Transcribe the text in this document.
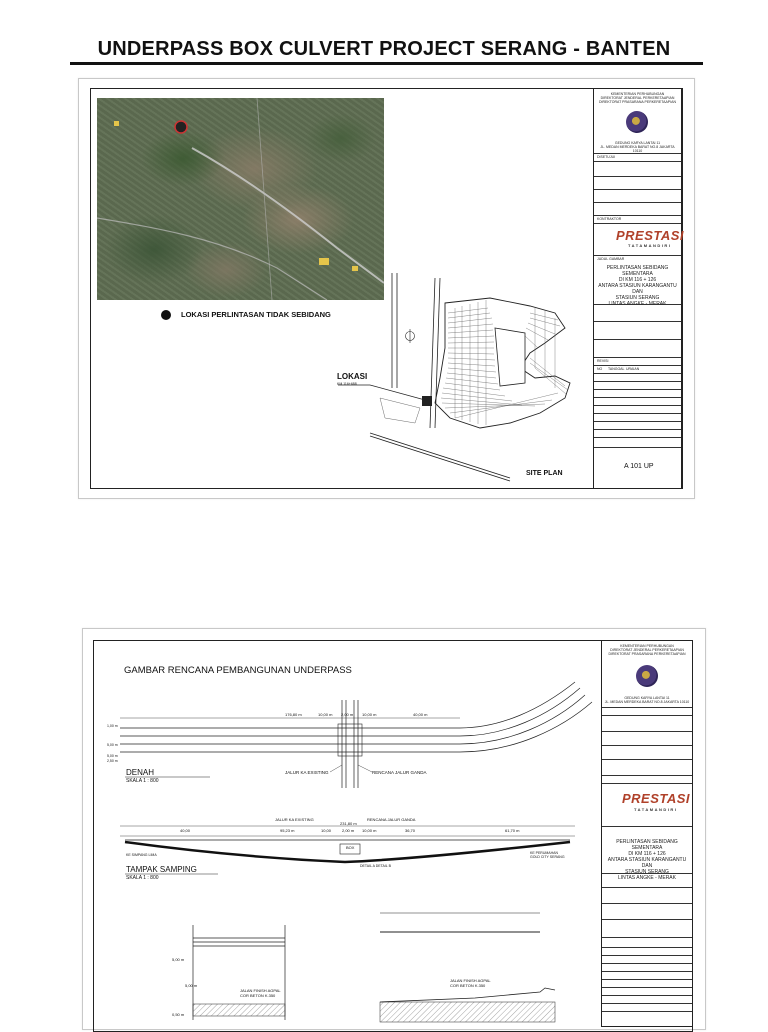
UNDERPASS BOX CULVERT PROJECT SERANG - BANTEN
LOKASI PERLINTASAN TIDAK SEBIDANG
LOKASI
KM 116+688
SITE PLAN
KEMENTERIAN PERHUBUNGAN
DIREKTORAT JENDERAL PERKERETAAPIAN
DIREKTORAT PRASARANA PERKERETAAPIAN
GEDUNG KARYA LANTAI 11
JL. MEDAN MERDEKA BARAT NO.8 JAKARTA 10110
DISETUJUI
KONTRAKTOR
PRESTASI
TATAMANDIRI
JUDUL GAMBAR
PERLINTASAN SEBIDANG SEMENTARA
DI KM 116 + 126
ANTARA STASIUN KARANGANTU
DAN
STASIUN SERANG
LINTAS ANGKE - MERAK
REVISI
NO TANGGAL URAIAN
A 101 UP
GAMBAR RENCANA PEMBANGUNAN UNDERPASS
176,80 m	10,00 m 2,00 m 10,00 m	40,00 m
1,00 m
5,00 m
5,00 m
2,50 m
JALUR KA EXISTING	RENCANA JALUR GANDA
DENAH
SKALA 1 : 800
JALUR KA EXISTING	RENCANA JALUR GANDA
231,80 m
40,00	95,23 m	10,00	2,00 m 10,00 m	36,70	61,70 m
KE SIMPANG LIMA	KE PERUMAHAN
GOLD CITY SERANG
BOX
DETAIL A DETAIL B
TAMPAK SAMPING
SKALA 1 : 800
5,00 m
5,00 m
0,50 m
JALAN FINISH AGPAL
COR BETON K.350
JALAN FINISH AGPAL
COR BETON K.350
KEMENTERIAN PERHUBUNGAN
DIREKTORAT JENDERAL PERKERETAAPIAN
DIREKTORAT PRASARANA PERKERETAAPIAN
GEDUNG KARYA LANTAI 11
JL. MEDAN MERDEKA BARAT NO.8 JAKARTA 10110
PRESTASI
TATAMANDIRI
PERLINTASAN SEBIDANG SEMENTARA
DI KM 116 + 126
ANTARA STASIUN KARANGANTU
DAN
STASIUN SERANG
LINTAS ANGKE - MERAK
